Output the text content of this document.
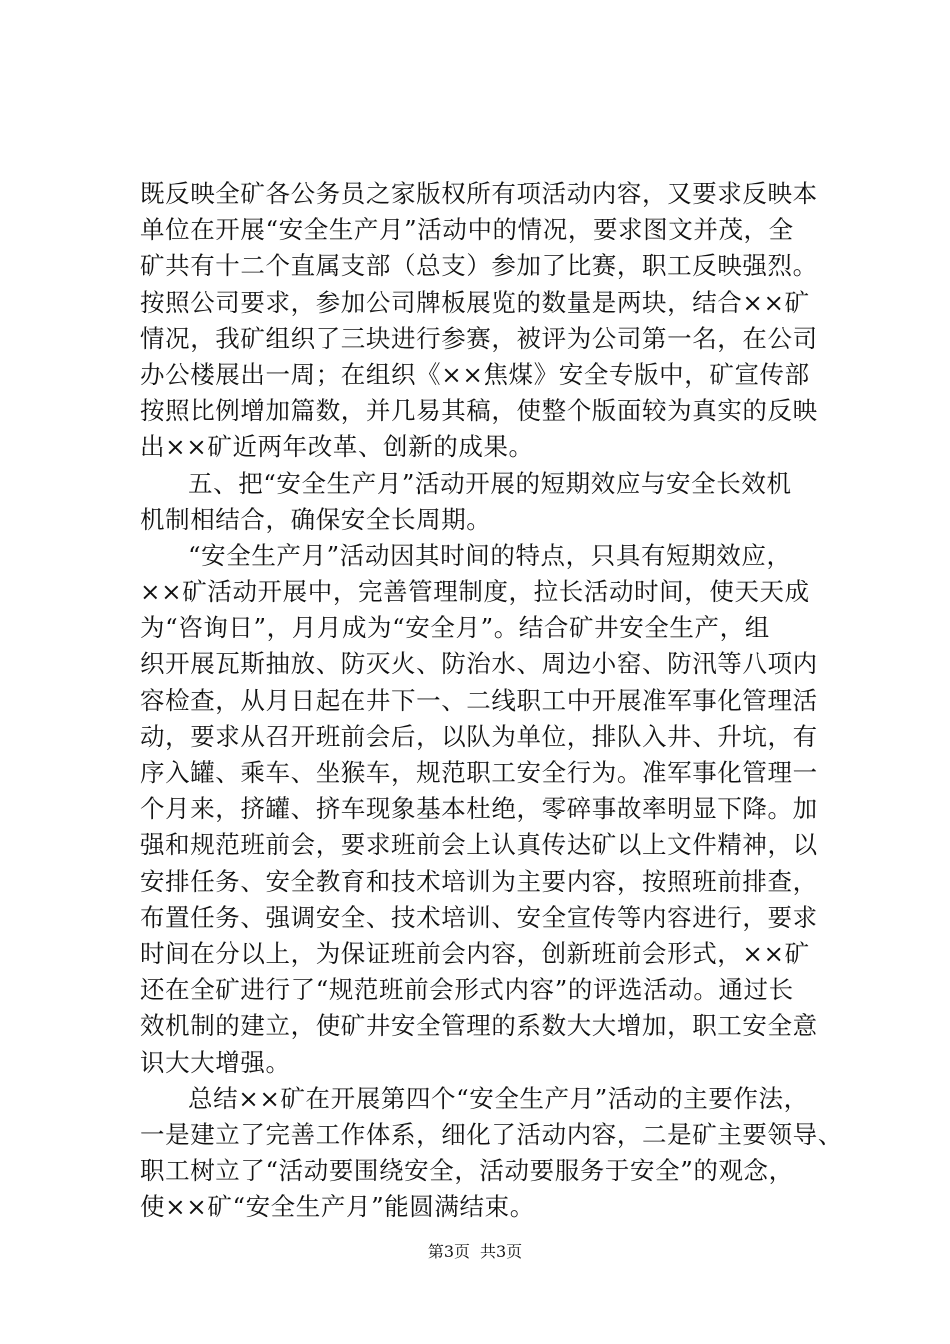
既反映全矿各公务员之家版权所有项活动内容，又要求反映本
单位在开展“安全生产月”活动中的情况，要求图文并茂，全
矿共有十二个直属支部（总支）参加了比赛，职工反映强烈。
按照公司要求，参加公司牌板展览的数量是两块，结合××矿
情况，我矿组织了三块进行参赛，被评为公司第一名，在公司
办公楼展出一周；在组织《××焦煤》安全专版中，矿宣传部
按照比例增加篇数，并几易其稿，使整个版面较为真实的反映
出××矿近两年改革、创新的成果。
五、把“安全生产月”活动开展的短期效应与安全长效机
机制相结合，确保安全长周期。
“安全生产月”活动因其时间的特点，只具有短期效应，
××矿活动开展中，完善管理制度，拉长活动时间，使天天成
为“咨询日”，月月成为“安全月”。结合矿井安全生产，组
织开展瓦斯抽放、防灭火、防治水、周边小窑、防汛等八项内
容检查，从月日起在井下一、二线职工中开展准军事化管理活
动，要求从召开班前会后，以队为单位，排队入井、升坑，有
序入罐、乘车、坐猴车，规范职工安全行为。准军事化管理一
个月来，挤罐、挤车现象基本杜绝，零碎事故率明显下降。加
强和规范班前会，要求班前会上认真传达矿以上文件精神，以
安排任务、安全教育和技术培训为主要内容，按照班前排查，
布置任务、强调安全、技术培训、安全宣传等内容进行，要求
时间在分以上，为保证班前会内容，创新班前会形式，××矿
还在全矿进行了“规范班前会形式内容”的评选活动。通过长
效机制的建立，使矿井安全管理的系数大大增加，职工安全意
识大大增强。
总结××矿在开展第四个“安全生产月”活动的主要作法，
一是建立了完善工作体系，细化了活动内容，二是矿主要领导、
职工树立了“活动要围绕安全，活动要服务于安全”的观念，
使××矿“安全生产月”能圆满结束。
第3页 共3页
